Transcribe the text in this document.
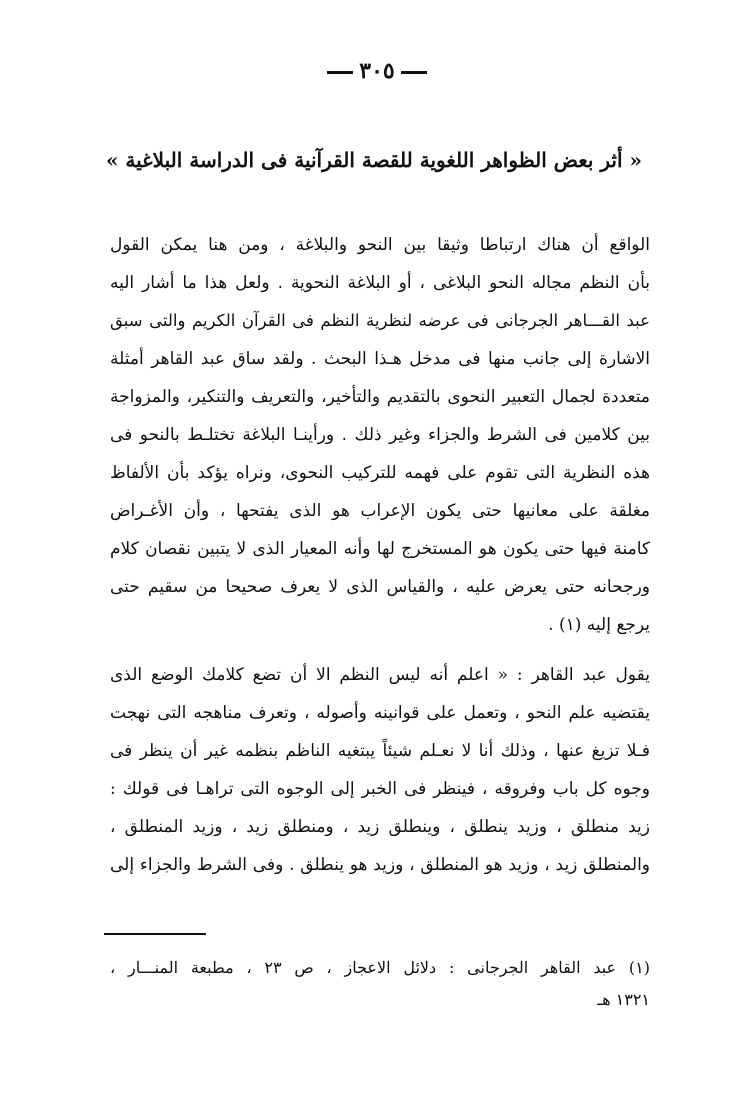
٣٠٥
« أثر بعض الظواهر اللغوية للقصة القرآنية فى الدراسة البلاغية »
الواقع أن هناك ارتباطا وثيقا بين النحو والبلاغة ، ومن هنا يمكن القول
بأن النظم مجاله النحو البلاغى ، أو البلاغة النحوية . ولعل هذا ما أشار اليه
عبد القـــاهر الجرجانى فى عرضه لنظرية النظم فى القرآن الكريم والتى سبق
الاشارة إلى جانب منها فى مدخل هـذا البحث . ولقد ساق عبد القاهر أمثلة
متعددة لجمال التعبير النحوى بالتقديم والتأخير، والتعريف والتنكير، والمزواجة
بين كلامين فى الشرط والجزاء وغير ذلك . ورأينـا البلاغة تختلـط بالنحو فى
هذه النظرية التى تقوم على فهمه للتركيب النحوى، ونراه يؤكد بأن الألفاظ
مغلقة على معانيها حتى يكون الإعراب هو الذى يفتحها ، وأن الأغـراض
كامنة فيها حتى يكون هو المستخرج لها وأنه المعيار الذى لا يتبين نقصان كلام
ورجحانه حتى يعرض عليه ، والقياس الذى لا يعرف صحيحا من سقيم حتى
يرجع إليه (١) .
يقول عبد القاهر : « اعلم أنه ليس النظم الا أن تضع كلامك الوضع الذى
يقتضيه علم النحو ، وتعمل على قوانينه وأصوله ، وتعرف مناهجه التى نهجت
فـلا تزيغ عنها ، وذلك أنا لا نعـلم شيئاً يبتغيه الناظم بنظمه غير أن ينظر فى
وجوه كل باب وفروقه ، فينظر فى الخبر إلى الوجوه التى تراهـا فى قولك :
زيد منطلق ، وزيد ينطلق ، وينطلق زيد ، ومنطلق زيد ، وزيد المنطلق ،
والمنطلق زيد ، وزيد هو المنطلق ، وزيد هو ينطلق . وفى الشرط والجزاء إلى
(١) عبد القاهر الجرجانى : دلائل الاعجاز ، ص ٢٣ ، مطبعة المنـــار ،
١٣٢١ هـ
